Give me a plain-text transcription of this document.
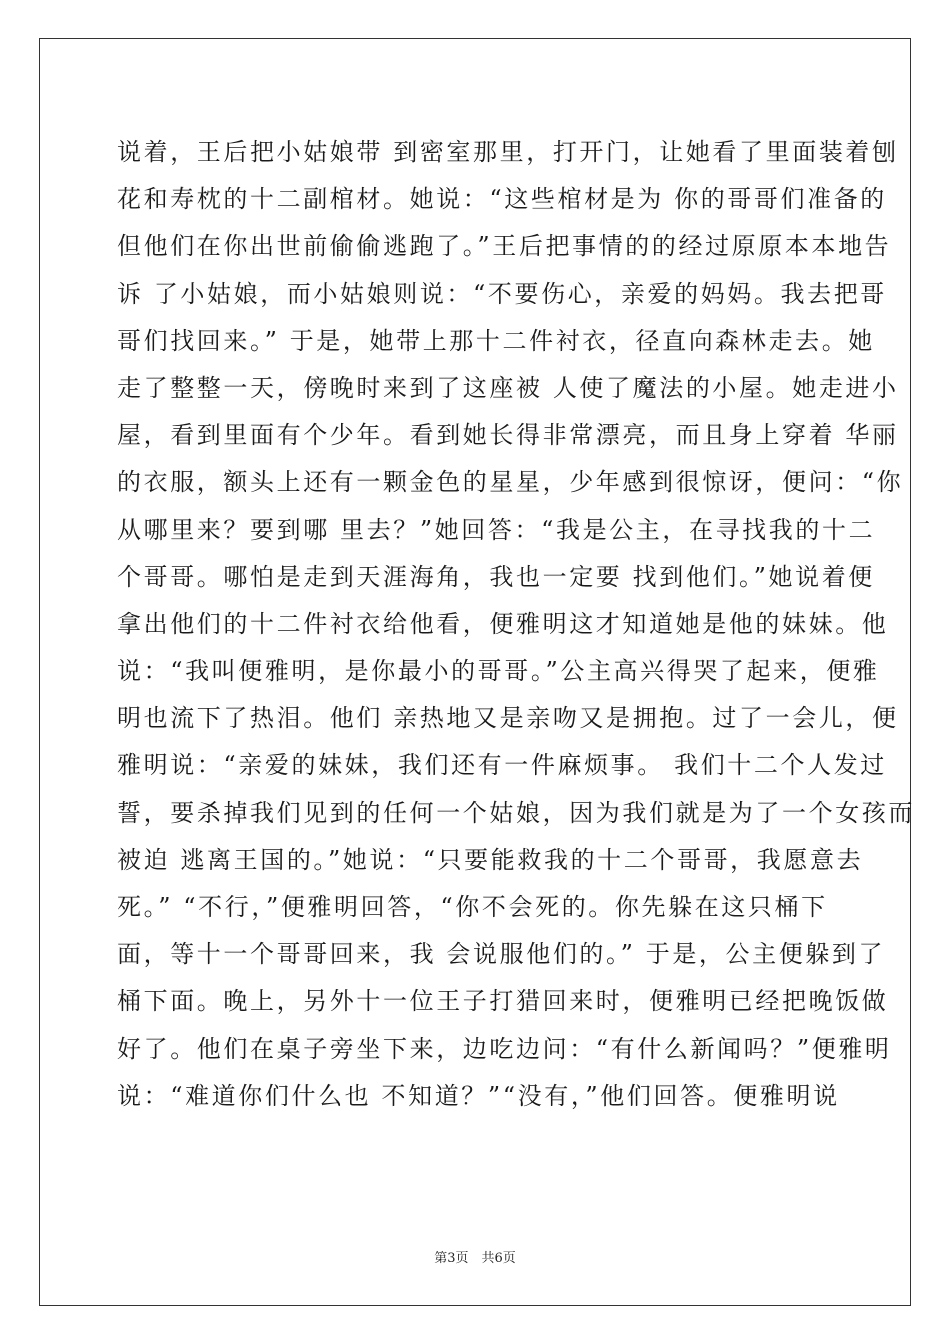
说着，王后把小姑娘带 到密室那里，打开门，让她看了里面装着刨
花和寿枕的十二副棺材。她说：“这些棺材是为 你的哥哥们准备的
但他们在你出世前偷偷逃跑了。”王后把事情的的经过原原本本地告
诉 了小姑娘，而小姑娘则说：“不要伤心，亲爱的妈妈。我去把哥
哥们找回来。” 于是，她带上那十二件衬衣，径直向森林走去。她
走了整整一天，傍晚时来到了这座被 人使了魔法的小屋。她走进小
屋，看到里面有个少年。看到她长得非常漂亮，而且身上穿着 华丽
的衣服，额头上还有一颗金色的星星，少年感到很惊讶，便问：“你
从哪里来？要到哪 里去？”她回答：“我是公主，在寻找我的十二
个哥哥。哪怕是走到天涯海角，我也一定要 找到他们。”她说着便
拿出他们的十二件衬衣给他看，便雅明这才知道她是他的妹妹。他
说：“我叫便雅明，是你最小的哥哥。”公主高兴得哭了起来，便雅
明也流下了热泪。他们 亲热地又是亲吻又是拥抱。过了一会儿，便
雅明说：“亲爱的妹妹，我们还有一件麻烦事。 我们十二个人发过
誓，要杀掉我们见到的任何一个姑娘，因为我们就是为了一个女孩而
被迫 逃离王国的。”她说：“只要能救我的十二个哥哥，我愿意去
死。” “不行，”便雅明回答，“你不会死的。你先躲在这只桶下
面，等十一个哥哥回来，我 会说服他们的。” 于是，公主便躲到了
桶下面。晚上，另外十一位王子打猎回来时，便雅明已经把晚饭做
好了。他们在桌子旁坐下来，边吃边问：“有什么新闻吗？”便雅明
说：“难道你们什么也 不知道？”“没有，”他们回答。便雅明说
第3页　共6页
